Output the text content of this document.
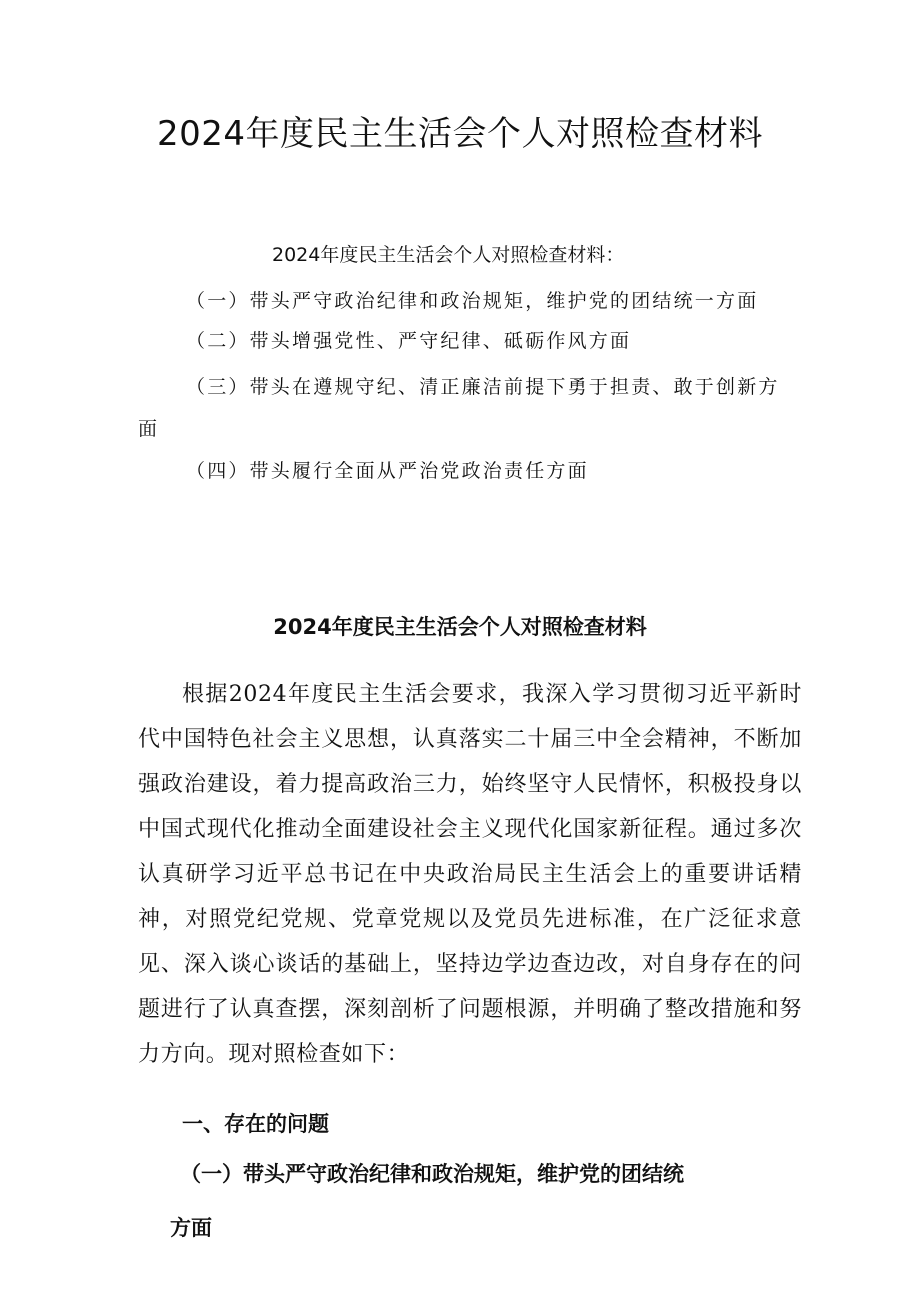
2024年度民主生活会个人对照检查材料
2024年度民主生活会个人对照检查材料：
（一）带头严守政治纪律和政治规矩，维护党的团结统一方面
（二）带头增强党性、严守纪律、砥砺作风方面
（三）带头在遵规守纪、清正廉洁前提下勇于担责、敢于创新方
面
（四）带头履行全面从严治党政治责任方面
2024年度民主生活会个人对照检查材料

根据2024年度民主生活会要求，我深入学习贯彻习近平新时代中国特色社会主义思想，认真落实二十届三中全会精神，不断加强政治建设，着力提高政治三力，始终坚守人民情怀，积极投身以中国式现代化推动全面建设社会主义现代化国家新征程。通过多次认真研学习近平总书记在中央政治局民主生活会上的重要讲话精神，对照党纪党规、党章党规以及党员先进标准，在广泛征求意见、深入谈心谈话的基础上，坚持边学边查边改，对自身存在的问题进行了认真查摆，深刻剖析了问题根源，并明确了整改措施和努力方向。现对照检查如下：

一、存在的问题
（一）带头严守政治纪律和政治规矩，维护党的团结统
方面
